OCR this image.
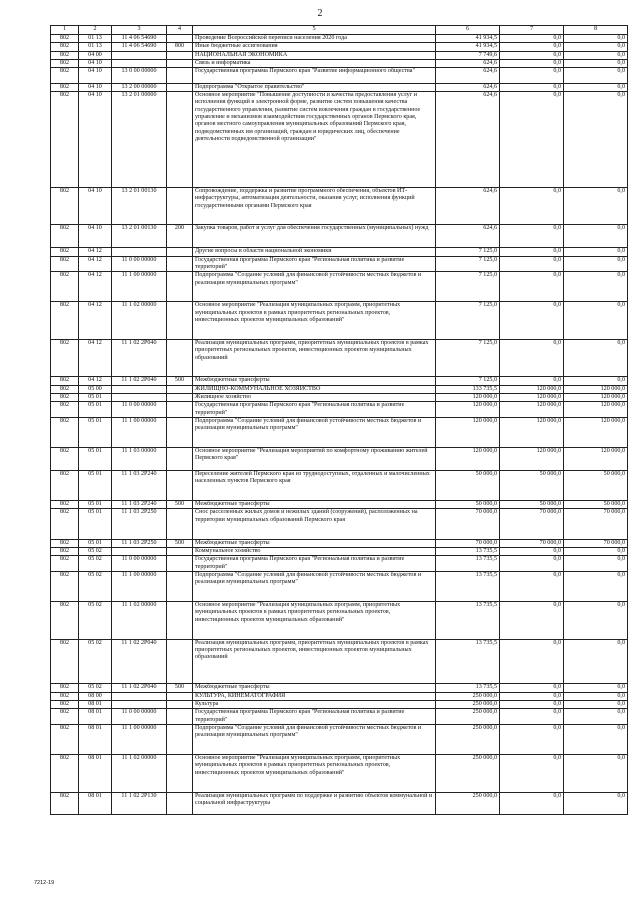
2
1	2	3	4	5	6	7	8
802	01 13	11 4 06 54690		Проведение Всероссийской переписи населения 2020 года	41 934,5	0,0	0,0
802	01 13	11 4 06 54690	800	Иные бюджетные ассигнования	41 934,5	0,0	0,0
802	04 00			НАЦИОНАЛЬНАЯ ЭКОНОМИКА	7 749,6	0,0	0,0
802	04 10			Связь и информатика	624,6	0,0	0,0
802	04 10	13 0 00 00000		Государственная программа Пермского края "Развитие информационного общества"	624,6	0,0	0,0
802	04 10	13 2 00 00000		Подпрограмма "Открытое правительство"	624,6	0,0	0,0
802	04 10	13 2 01 00000		Основное мероприятие "Повышение доступности и качества предоставления услуг и исполнения функций в электронной форме, развитие систем повышения качества государственного управления, развитие систем вовлечения граждан в государственное управление и механизмов взаимодействия государственных органов Пермского края, органов местного самоуправления муниципальных образований Пермского края, подведомственных им организаций, граждан и юридических лиц, обеспечение деятельности подведомственной организации"	624,6	0,0	0,0
802	04 10	13 2 01 00130		Сопровождение, поддержка и развитие программного обеспечения, объектов ИТ-инфраструктуры, автоматизация деятельности, оказания услуг, исполнения функций государственными органами Пермского края	624,6	0,0	0,0
802	04 10	13 2 01 00130	200	Закупка товаров, работ и услуг для обеспечения государственных (муниципальных) нужд	624,6	0,0	0,0
802	04 12			Другие вопросы в области национальной экономики	7 125,0	0,0	0,0
802	04 12	11 0 00 00000		Государственная программа Пермского края "Региональная политика и развитие территорий"	7 125,0	0,0	0,0
802	04 12	11 1 00 00000		Подпрограмма "Создание условий для финансовой устойчивости местных бюджетов и реализации муниципальных программ"	7 125,0	0,0	0,0
802	04 12	11 1 02 00000		Основное мероприятие "Реализация муниципальных программ, приоритетных муниципальных проектов в рамках приоритетных региональных проектов, инвестиционных проектов муниципальных образований"	7 125,0	0,0	0,0
802	04 12	11 1 02 2P040		Реализация муниципальных программ, приоритетных муниципальных проектов в рамках приоритетных региональных проектов, инвестиционных проектов муниципальных образований	7 125,0	0,0	0,0
802	04 12	11 1 02 2P040	500	Межбюджетные трансферты	7 125,0	0,0	0,0
802	05 00			ЖИЛИЩНО-КОММУНАЛЬНОЕ ХОЗЯЙСТВО	133 735,5	120 000,0	120 000,0
802	05 01			Жилищное хозяйство	120 000,0	120 000,0	120 000,0
802	05 01	11 0 00 00000		Государственная программа Пермского края "Региональная политика и развитие территорий"	120 000,0	120 000,0	120 000,0
802	05 01	11 1 00 00000		Подпрограмма "Создание условий для финансовой устойчивости местных бюджетов и реализации муниципальных программ"	120 000,0	120 000,0	120 000,0
802	05 01	11 1 03 00000		Основное мероприятие "Реализация мероприятий по комфортному проживанию жителей Пермского края"	120 000,0	120 000,0	120 000,0
802	05 01	11 1 03 2P240		Переселение жителей Пермского края из труднодоступных, отдаленных и малочисленных населенных пунктов Пермского края	50 000,0	50 000,0	50 000,0
802	05 01	11 1 03 2P240	500	Межбюджетные трансферты	50 000,0	50 000,0	50 000,0
802	05 01	11 1 03 2P250		Снос расселенных жилых домов и нежилых зданий (сооружений), расположенных на территории муниципальных образований Пермского края	70 000,0	70 000,0	70 000,0
802	05 01	11 1 03 2P250	500	Межбюджетные трансферты	70 000,0	70 000,0	70 000,0
802	05 02			Коммунальное хозяйство	13 735,5	0,0	0,0
802	05 02	11 0 00 00000		Государственная программа Пермского края "Региональная политика и развитие территорий"	13 735,5	0,0	0,0
802	05 02	11 1 00 00000		Подпрограмма "Создание условий для финансовой устойчивости местных бюджетов и реализации муниципальных программ"	13 735,5	0,0	0,0
802	05 02	11 1 02 00000		Основное мероприятие "Реализация муниципальных программ, приоритетных муниципальных проектов в рамках приоритетных региональных проектов, инвестиционных проектов муниципальных образований"	13 735,5	0,0	0,0
802	05 02	11 1 02 2P040		Реализация муниципальных программ, приоритетных муниципальных проектов в рамках приоритетных региональных проектов, инвестиционных проектов муниципальных образований	13 735,5	0,0	0,0
802	05 02	11 1 02 2P040	500	Межбюджетные трансферты	13 735,5	0,0	0,0
802	08 00			КУЛЬТУРА, КИНЕМАТОГРАФИЯ	250 000,0	0,0	0,0
802	08 01			Культура	250 000,0	0,0	0,0
802	08 01	11 0 00 00000		Государственная программа Пермского края "Региональная политика и развитие территорий"	250 000,0	0,0	0,0
802	08 01	11 1 00 00000		Подпрограмма "Создание условий для финансовой устойчивости местных бюджетов и реализации муниципальных программ"	250 000,0	0,0	0,0
802	08 01	11 1 02 00000		Основное мероприятие "Реализация муниципальных программ, приоритетных муниципальных проектов в рамках приоритетных региональных проектов, инвестиционных проектов муниципальных образований"	250 000,0	0,0	0,0
802	08 01	11 1 02 2P130		Реализация муниципальных программ по поддержке и развитию объектов коммунальной и социальной инфраструктуры	250 000,0	0,0	0,0
7212-19
